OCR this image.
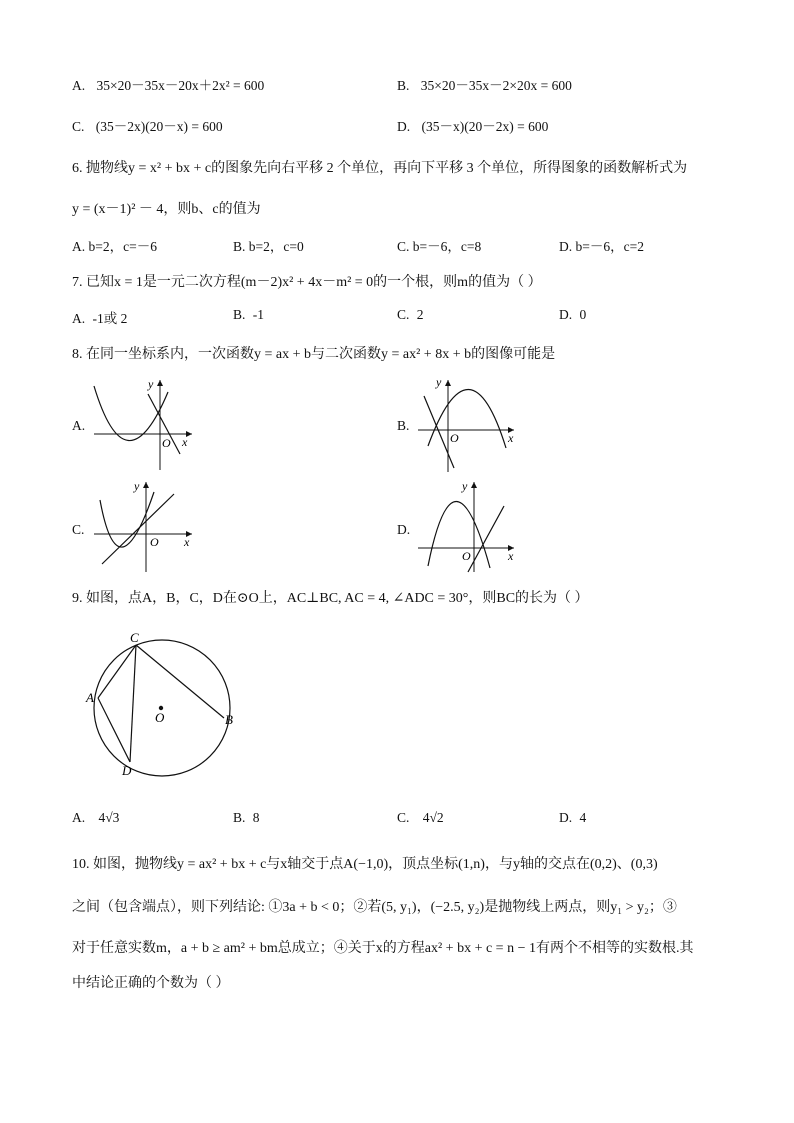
A. 35×20－35x－20x＋2x² = 600	B. 35×20－35x－2×20x = 600
C. (35－2x)(20－x) = 600	D. (35－x)(20－2x) = 600
6. 抛物线y = x² + bx + c的图象先向右平移 2 个单位，再向下平移 3 个单位，所得图象的函数解析式为
y = (x－1)² － 4，则b、c的值为
A. b=2，c=－6	B. b=2，c=0	C. b=－6，c=8	D. b=－6，c=2
7. 已知x = 1是一元二次方程(m－2)x² + 4x－m² = 0的一个根，则m的值为（ ）
A. -1或 2	B. -1	C. 2	D. 0
8. 在同一坐标系内，一次函数y = ax + b与二次函数y = ax² + 8x + b的图像可能是
A.	B.
C.	D.
y
x
O
y
x
O
y
x
O
y
x
O
9. 如图，点A，B，C，D在⊙O上，AC⊥BC, AC = 4, ∠ADC = 30°，则BC的长为（ ）
C
A
D
B
O
A. 4√3	B. 8	C. 4√2	D. 4
10. 如图，抛物线y = ax² + bx + c与x轴交于点A(−1,0)，顶点坐标(1,n)，与y轴的交点在(0,2)、(0,3)
之间（包含端点），则下列结论: ①3a + b < 0；②若(5, y₁)，(−2.5, y₂)是抛物线上两点，则y₁ > y₂；③
对于任意实数m，a + b ≥ am² + bm总成立；④关于x的方程ax² + bx + c = n − 1有两个不相等的实数根.其
中结论正确的个数为（ ）
